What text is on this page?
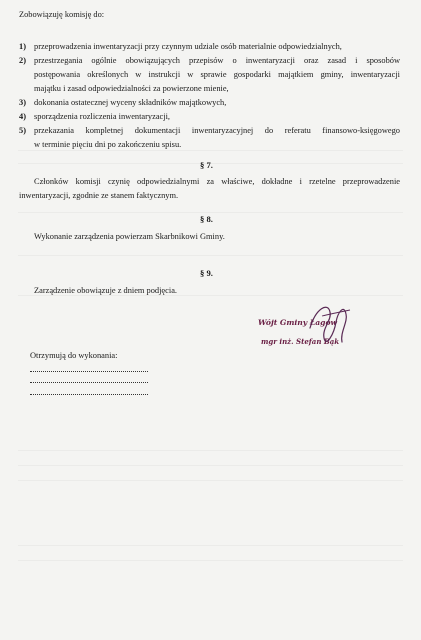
Zobowiązuję komisję do:
1) przeprowadzenia inwentaryzacji przy czynnym udziale osób materialnie odpowiedzialnych,
2) przestrzegania ogólnie obowiązujących przepisów o inwentaryzacji oraz zasad i sposobów
postępowania określonych w instrukcji w sprawie gospodarki majątkiem gminy, inwentaryzacji
majątku i zasad odpowiedzialności za powierzone mienie,
3) dokonania ostatecznej wyceny składników majątkowych,
4) sporządzenia rozliczenia inwentaryzacji,
5) przekazania kompletnej dokumentacji inwentaryzacyjnej do referatu finansowo-księgowego
w terminie pięciu dni po zakończeniu spisu.
§ 7.
Członków komisji czynię odpowiedzialnymi za właściwe, dokładne i rzetelne przeprowadzenie
inwentaryzacji, zgodnie ze stanem faktycznym.
§ 8.
Wykonanie zarządzenia powierzam Skarbnikowi Gminy.
§ 9.
Zarządzenie obowiązuje z dniem podjęcia.
Wójt Gminy Łagów
mgr inż. Stefan Bąk
Otrzymują do wykonania:
